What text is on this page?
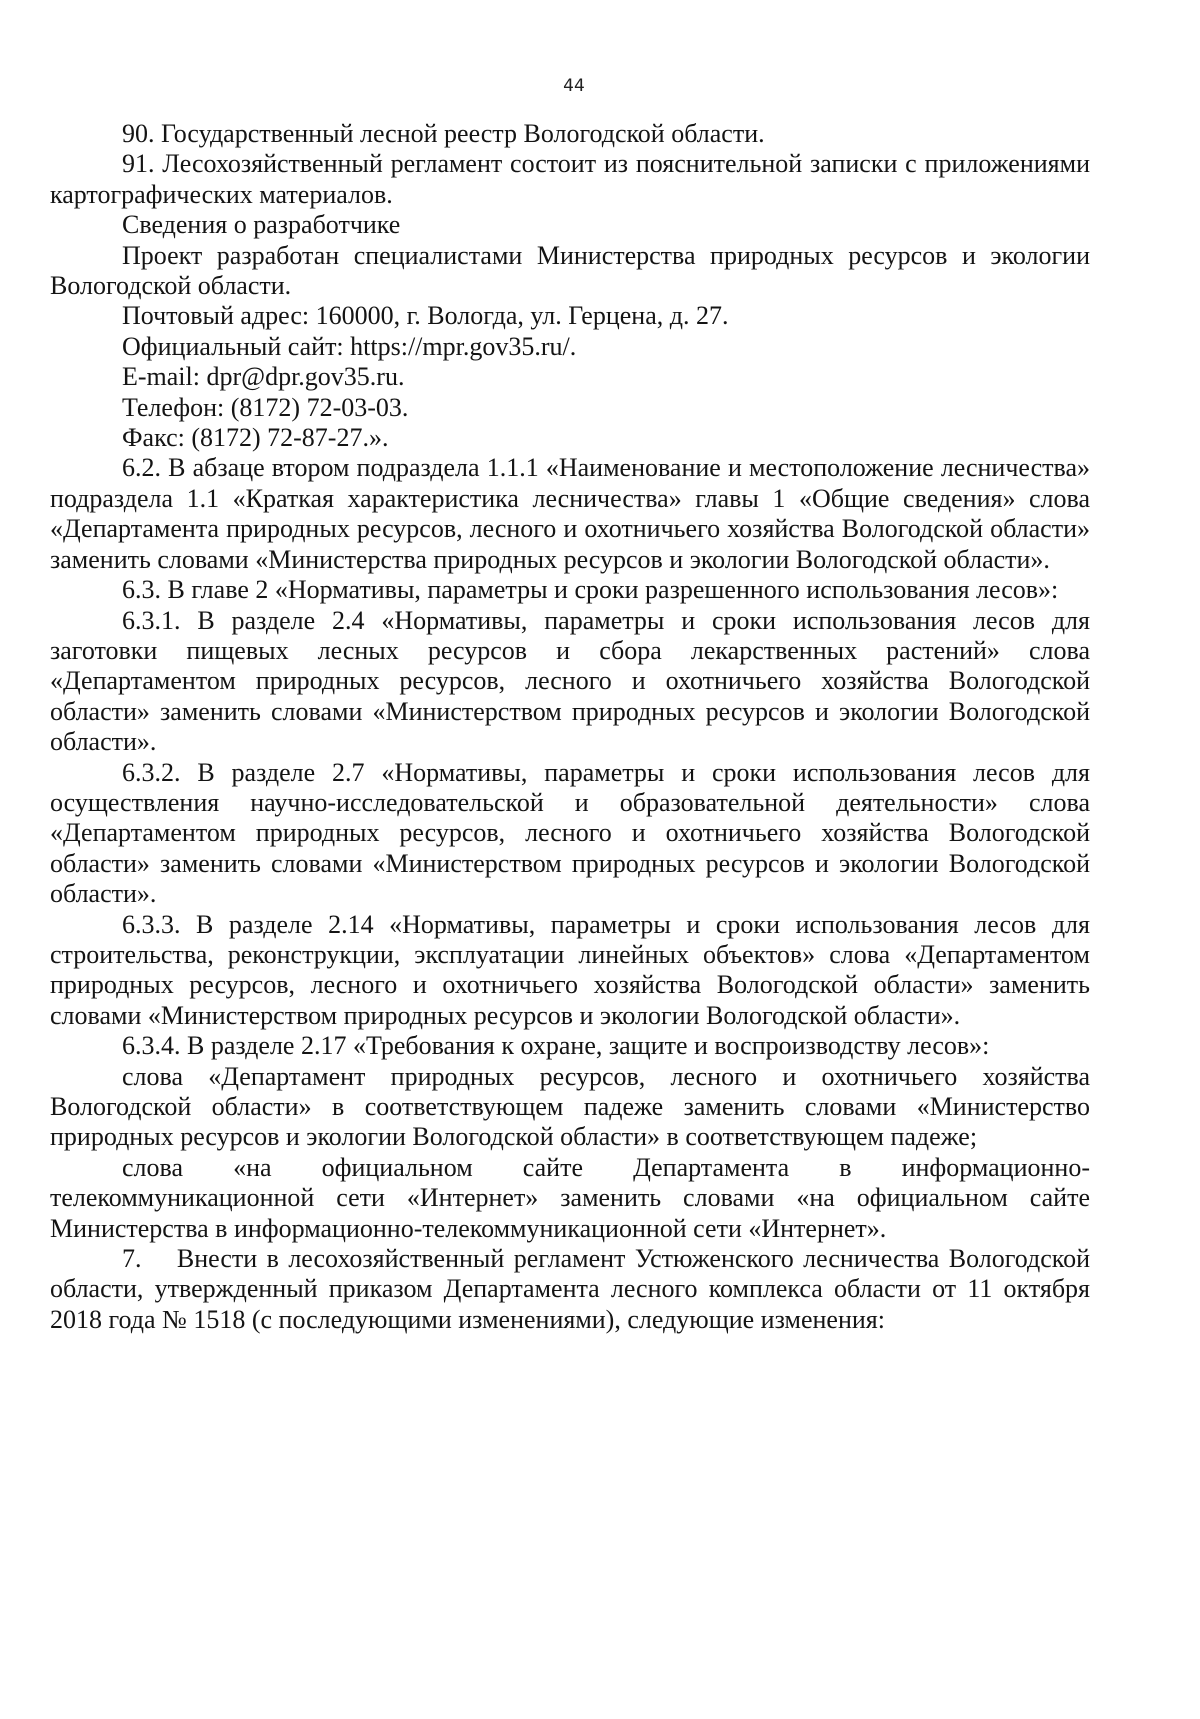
44

90. Государственный лесной реестр Вологодской области.

91. Лесохозяйственный регламент состоит из пояснительной записки с приложениями картографических материалов.

Сведения о разработчике

Проект разработан специалистами Министерства природных ресурсов и экологии Вологодской области.

Почтовый адрес: 160000, г. Вологда, ул. Герцена, д. 27.

Официальный сайт: https://mpr.gov35.ru/.

E-mail: dpr@dpr.gov35.ru.

Телефон: (8172) 72-03-03.

Факс: (8172) 72-87-27.».

6.2. В абзаце втором подраздела 1.1.1 «Наименование и местоположение лесничества» подраздела 1.1 «Краткая характеристика лесничества» главы 1 «Общие сведения» слова «Департамента природных ресурсов, лесного и охотничьего хозяйства Вологодской области» заменить словами «Министерства природных ресурсов и экологии Вологодской области».

6.3. В главе 2 «Нормативы, параметры и сроки разрешенного использования лесов»:

6.3.1. В разделе 2.4 «Нормативы, параметры и сроки использования лесов для заготовки пищевых лесных ресурсов и сбора лекарственных растений» слова «Департаментом природных ресурсов, лесного и охотничьего хозяйства Вологодской области» заменить словами «Министерством природных ресурсов и экологии Вологодской области».

6.3.2. В разделе 2.7 «Нормативы, параметры и сроки использования лесов для осуществления научно-исследовательской и образовательной деятельности» слова «Департаментом природных ресурсов, лесного и охотничьего хозяйства Вологодской области» заменить словами «Министерством природных ресурсов и экологии Вологодской области».

6.3.3. В разделе 2.14 «Нормативы, параметры и сроки использования лесов для строительства, реконструкции, эксплуатации линейных объектов» слова «Департаментом природных ресурсов, лесного и охотничьего хозяйства Вологодской области» заменить словами «Министерством природных ресурсов и экологии Вологодской области».

6.3.4. В разделе 2.17 «Требования к охране, защите и воспроизводству лесов»:

слова «Департамент природных ресурсов, лесного и охотничьего хозяйства Вологодской области» в соответствующем падеже заменить словами «Министерство природных ресурсов и экологии Вологодской области» в соответствующем падеже;

слова «на официальном сайте Департамента в информационно-телекоммуникационной сети «Интернет» заменить словами «на официальном сайте Министерства в информационно-телекоммуникационной сети «Интернет».

7.  Внести в лесохозяйственный регламент Устюженского лесничества Вологодской области, утвержденный приказом Департамента лесного комплекса области от 11 октября 2018 года № 1518 (с последующими изменениями), следующие изменения:
